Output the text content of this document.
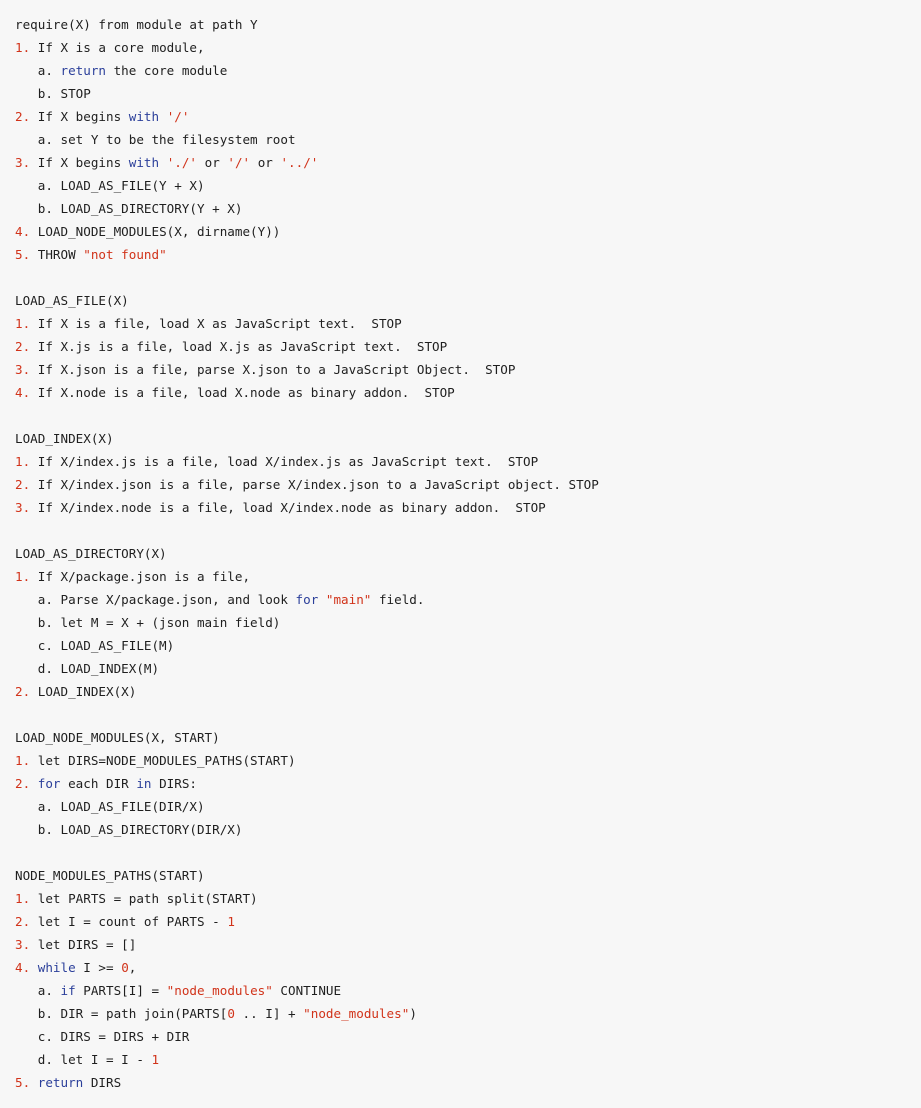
require(X) from module at path Y
1. If X is a core module,
a. return the core module
b. STOP
2. If X begins with '/'
a. set Y to be the filesystem root
3. If X begins with './' or '/' or '../'
a. LOAD_AS_FILE(Y + X)
b. LOAD_AS_DIRECTORY(Y + X)
4. LOAD_NODE_MODULES(X, dirname(Y))
5. THROW "not found"
LOAD_AS_FILE(X)
1. If X is a file, load X as JavaScript text.  STOP
2. If X.js is a file, load X.js as JavaScript text.  STOP
3. If X.json is a file, parse X.json to a JavaScript Object.  STOP
4. If X.node is a file, load X.node as binary addon.  STOP
LOAD_INDEX(X)
1. If X/index.js is a file, load X/index.js as JavaScript text.  STOP
2. If X/index.json is a file, parse X/index.json to a JavaScript object. STOP
3. If X/index.node is a file, load X/index.node as binary addon.  STOP
LOAD_AS_DIRECTORY(X)
1. If X/package.json is a file,
a. Parse X/package.json, and look for "main" field.
b. let M = X + (json main field)
c. LOAD_AS_FILE(M)
d. LOAD_INDEX(M)
2. LOAD_INDEX(X)
LOAD_NODE_MODULES(X, START)
1. let DIRS=NODE_MODULES_PATHS(START)
2. for each DIR in DIRS:
a. LOAD_AS_FILE(DIR/X)
b. LOAD_AS_DIRECTORY(DIR/X)
NODE_MODULES_PATHS(START)
1. let PARTS = path split(START)
2. let I = count of PARTS - 1
3. let DIRS = []
4. while I >= 0,
a. if PARTS[I] = "node_modules" CONTINUE
b. DIR = path join(PARTS[0 .. I] + "node_modules")
c. DIRS = DIRS + DIR
d. let I = I - 1
5. return DIRS
